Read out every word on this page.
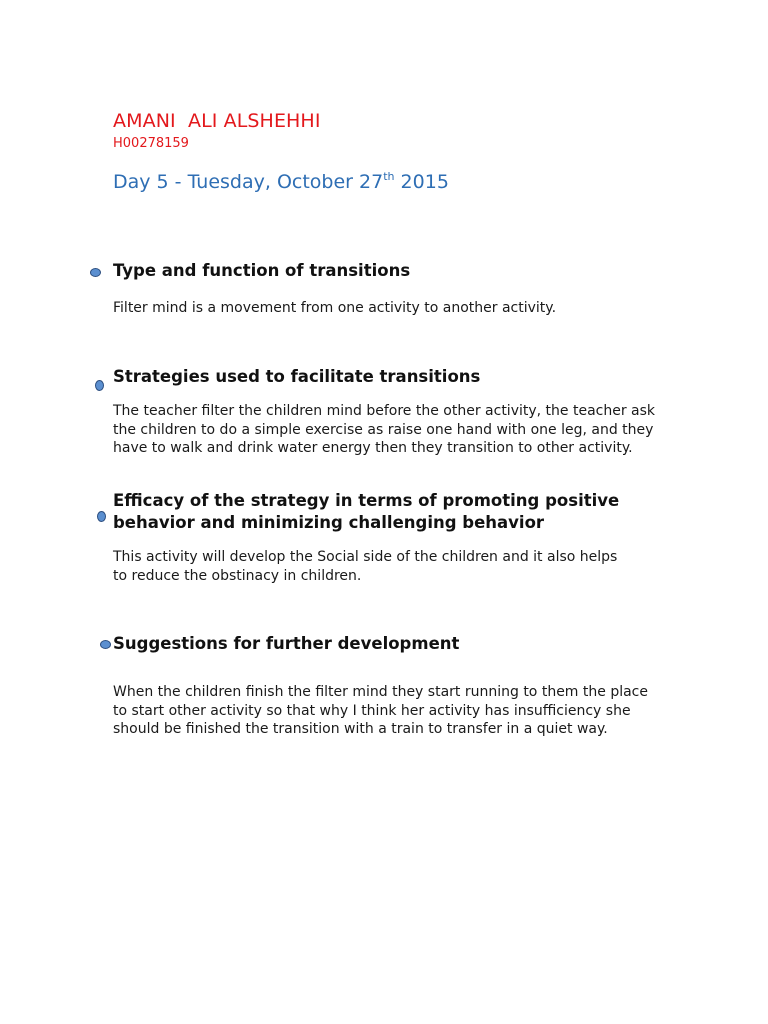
AMANI  ALI ALSHEHHI
H00278159
Day 5 - Tuesday, October 27th 2015
Type and function of transitions
Filter mind is a movement from one activity to another activity.
Strategies used to facilitate transitions
The teacher filter the children mind before the other activity, the teacher ask the children to do a simple exercise as raise one hand with one leg, and they have to walk and drink water energy then they transition to other activity.
Efficacy of the strategy in terms of promoting positive behavior and minimizing challenging behavior
This activity will develop the Social side of the children and it also helps to reduce the obstinacy in children.
Suggestions for further development
When the children finish the filter mind they start running to them the place to start other activity so that why I think her activity has insufficiency she should be finished the transition with a train to transfer in a quiet way.
